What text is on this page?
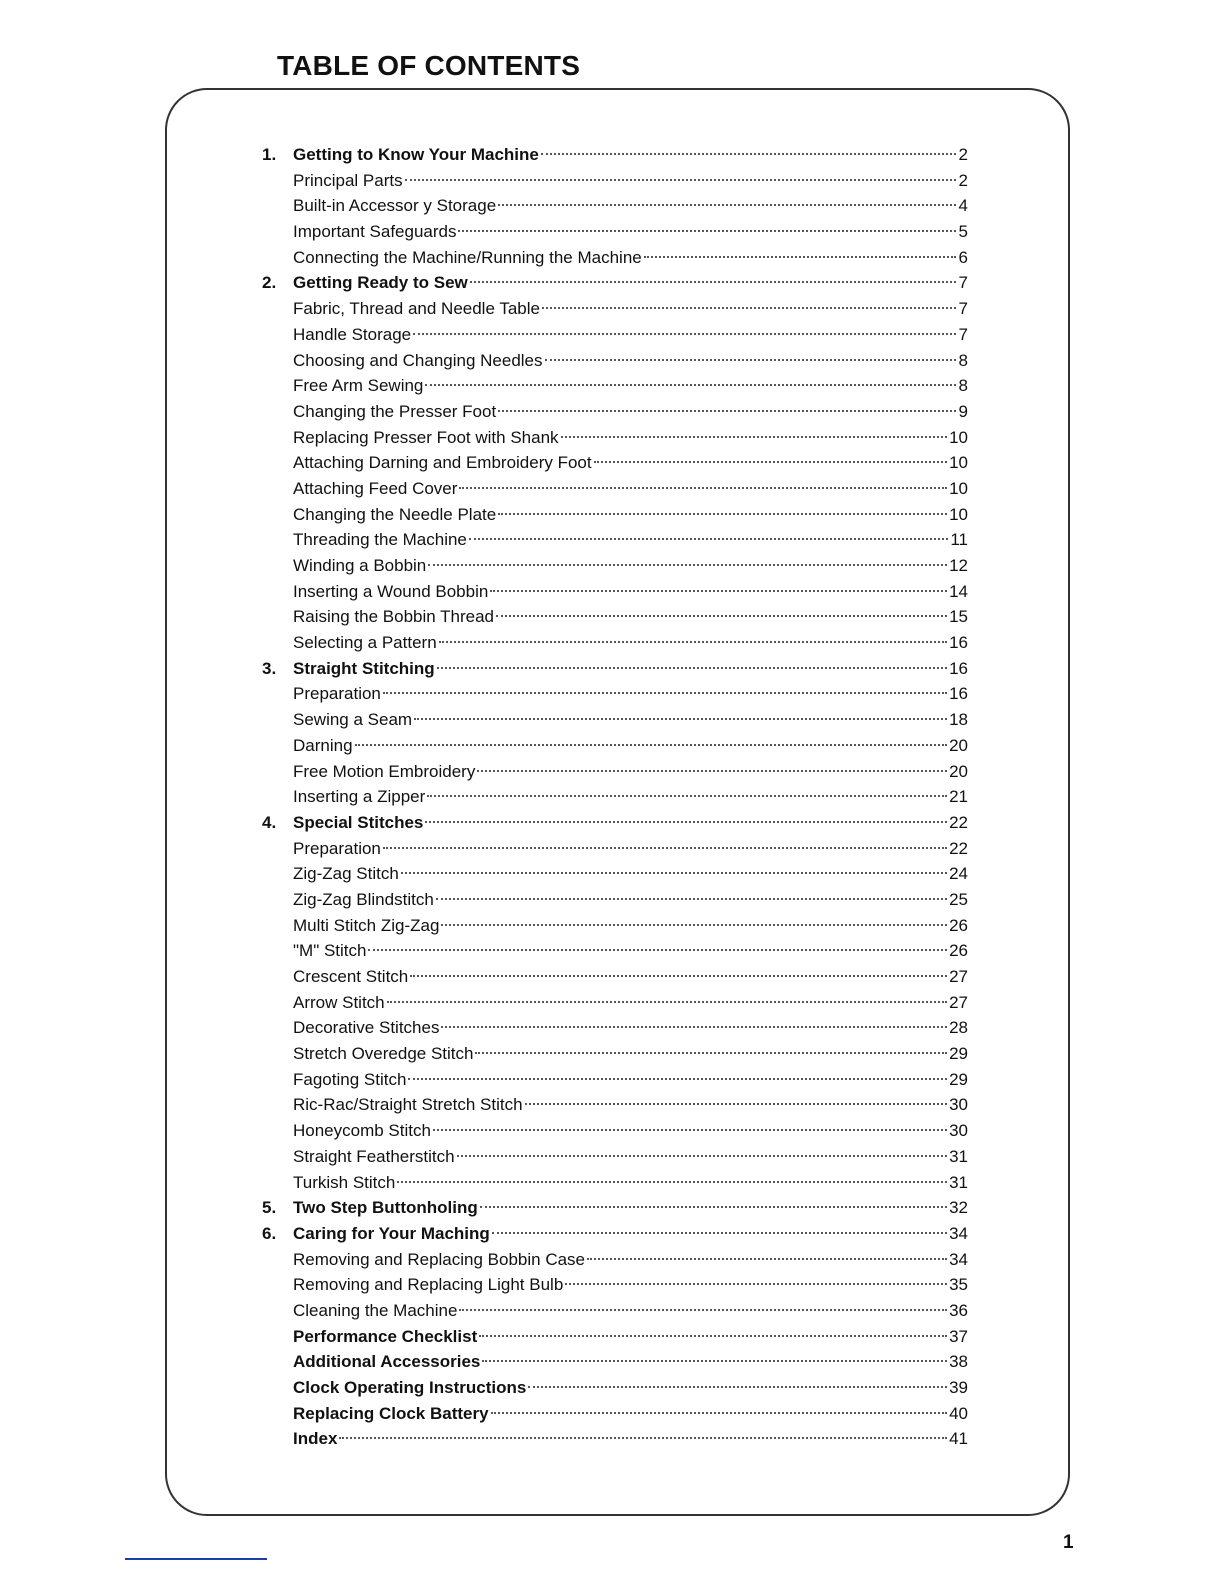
TABLE OF CONTENTS
1. Getting to Know Your Machine	2
Principal Parts	2
Built-in Accessor y Storage	4
Important Safeguards	5
Connecting the Machine/Running the Machine	6
2. Getting Ready to Sew	7
Fabric, Thread and Needle Table	7
Handle Storage	7
Choosing and Changing Needles	8
Free Arm Sewing	8
Changing the Presser Foot	9
Replacing Presser Foot with Shank	10
Attaching Darning and Embroidery Foot	10
Attaching Feed Cover	10
Changing the Needle Plate	10
Threading the Machine	11
Winding a Bobbin	12
Inserting a Wound Bobbin	14
Raising the Bobbin Thread	15
Selecting a Pattern	16
3. Straight Stitching	16
Preparation	16
Sewing a Seam	18
Darning	20
Free Motion Embroidery	20
Inserting a Zipper	21
4. Special Stitches	22
Preparation	22
Zig-Zag Stitch	24
Zig-Zag Blindstitch	25
Multi Stitch Zig-Zag	26
"M" Stitch	26
Crescent Stitch	27
Arrow Stitch	27
Decorative Stitches	28
Stretch Overedge Stitch	29
Fagoting Stitch	29
Ric-Rac/Straight Stretch Stitch	30
Honeycomb Stitch	30
Straight Featherstitch	31
Turkish Stitch	31
5. Two Step Buttonholing	32
6. Caring for Your Maching	34
Removing and Replacing Bobbin Case	34
Removing and Replacing Light Bulb	35
Cleaning the Machine	36
Performance Checklist	37
Additional Accessories	38
Clock Operating Instructions	39
Replacing Clock Battery	40
Index	41
1
